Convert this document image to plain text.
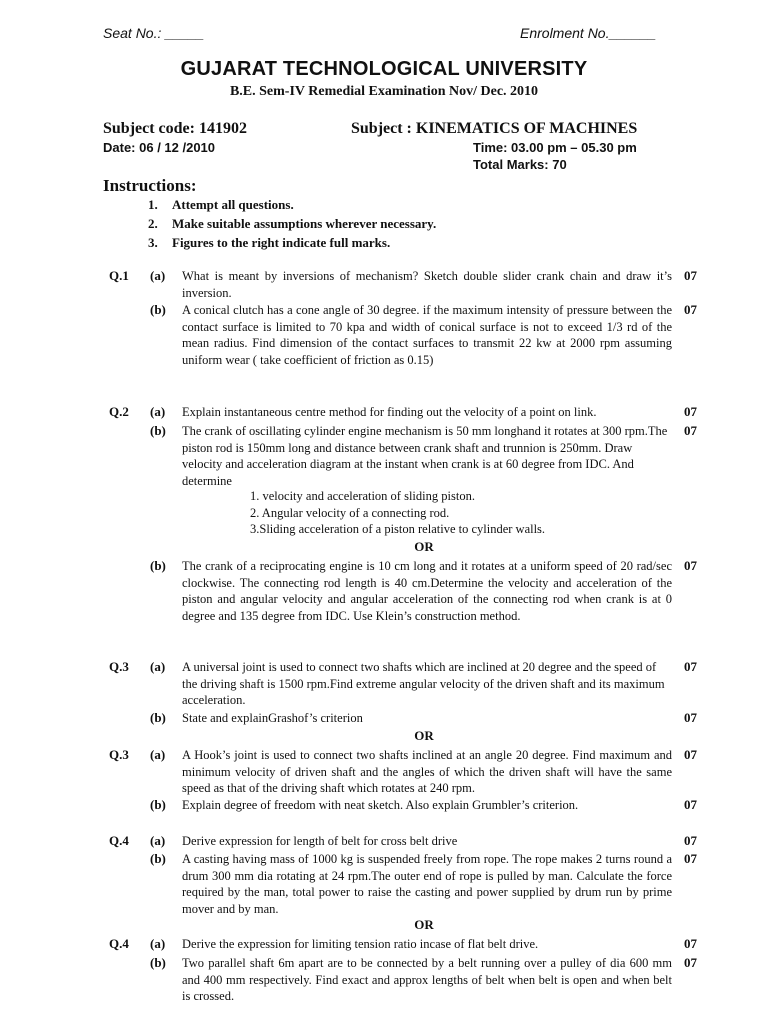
Seat No.: _____	Enrolment No.______
GUJARAT TECHNOLOGICAL UNIVERSITY
B.E. Sem-IV Remedial Examination Nov/ Dec. 2010
Subject code: 141902	Subject : KINEMATICS OF MACHINES
Date: 06 / 12 /2010	Time: 03.00 pm – 05.30 pm
Total Marks: 70
Instructions:
1. Attempt all questions.
2. Make suitable assumptions wherever necessary.
3. Figures to the right indicate full marks.
Q.1 (a) What is meant by inversions of mechanism? Sketch double slider crank chain and draw it’s inversion.
07
(b) A conical clutch has a cone angle of 30 degree. if the maximum intensity of pressure between the contact surface is limited to 70 kpa and width of conical surface is not to exceed 1/3 rd of the mean radius. Find dimension of the contact surfaces to transmit 22 kw at 2000 rpm assuming uniform wear ( take coefficient of friction as 0.15)
07
Q.2 (a) Explain instantaneous centre method for finding out the velocity of a point on link.	07
(b) The crank of oscillating cylinder engine mechanism is 50 mm longhand it rotates at 300 rpm.The piston rod is 150mm long and distance between crank shaft and trunnion is 250mm. Draw velocity and acceleration diagram at the instant when crank is at 60 degree from IDC. And determine
07
1. velocity and acceleration of sliding piston.
2. Angular velocity of a connecting rod.
3.Sliding acceleration of a piston relative to cylinder walls.
OR
(b) The crank of a reciprocating engine is 10 cm long and it rotates at a uniform speed of 20 rad/sec clockwise. The connecting rod length is 40 cm.Determine the velocity and acceleration of the piston and angular velocity and angular acceleration of the connecting rod when crank is at 0 degree and 135 degree from IDC. Use Klein’s construction method.
07
Q.3 (a) A universal joint is used to connect two shafts which are inclined at 20 degree and the speed of the driving shaft is 1500 rpm.Find extreme angular velocity of the driven shaft and its maximum acceleration.
07
(b) State and explainGrashof’s criterion	07
OR
Q.3 (a) A Hook’s joint is used to connect two shafts inclined at an angle 20 degree. Find maximum and minimum velocity of driven shaft and the angles of which the driven shaft will have the same speed as that of the driving shaft which rotates at 240 rpm.
07
(b) Explain degree of freedom with neat sketch. Also explain Grumbler’s criterion.	07
Q.4 (a) Derive expression for length of belt for cross belt drive	07
(b) A casting having mass of 1000 kg is suspended freely from rope. The rope makes 2 turns round a drum 300 mm dia rotating at 24 rpm.The outer end of rope is pulled by man. Calculate the force required by the man, total power to raise the casting and power supplied by drum run by prime mover and by man.
07
OR
Q.4 (a) Derive the expression for limiting tension ratio incase of flat belt drive.	07
(b) Two parallel shaft 6m apart are to be connected by a belt running over a pulley of dia 600 mm and 400 mm respectively. Find exact and approx lengths of belt when belt is open and when belt is crossed.
07
